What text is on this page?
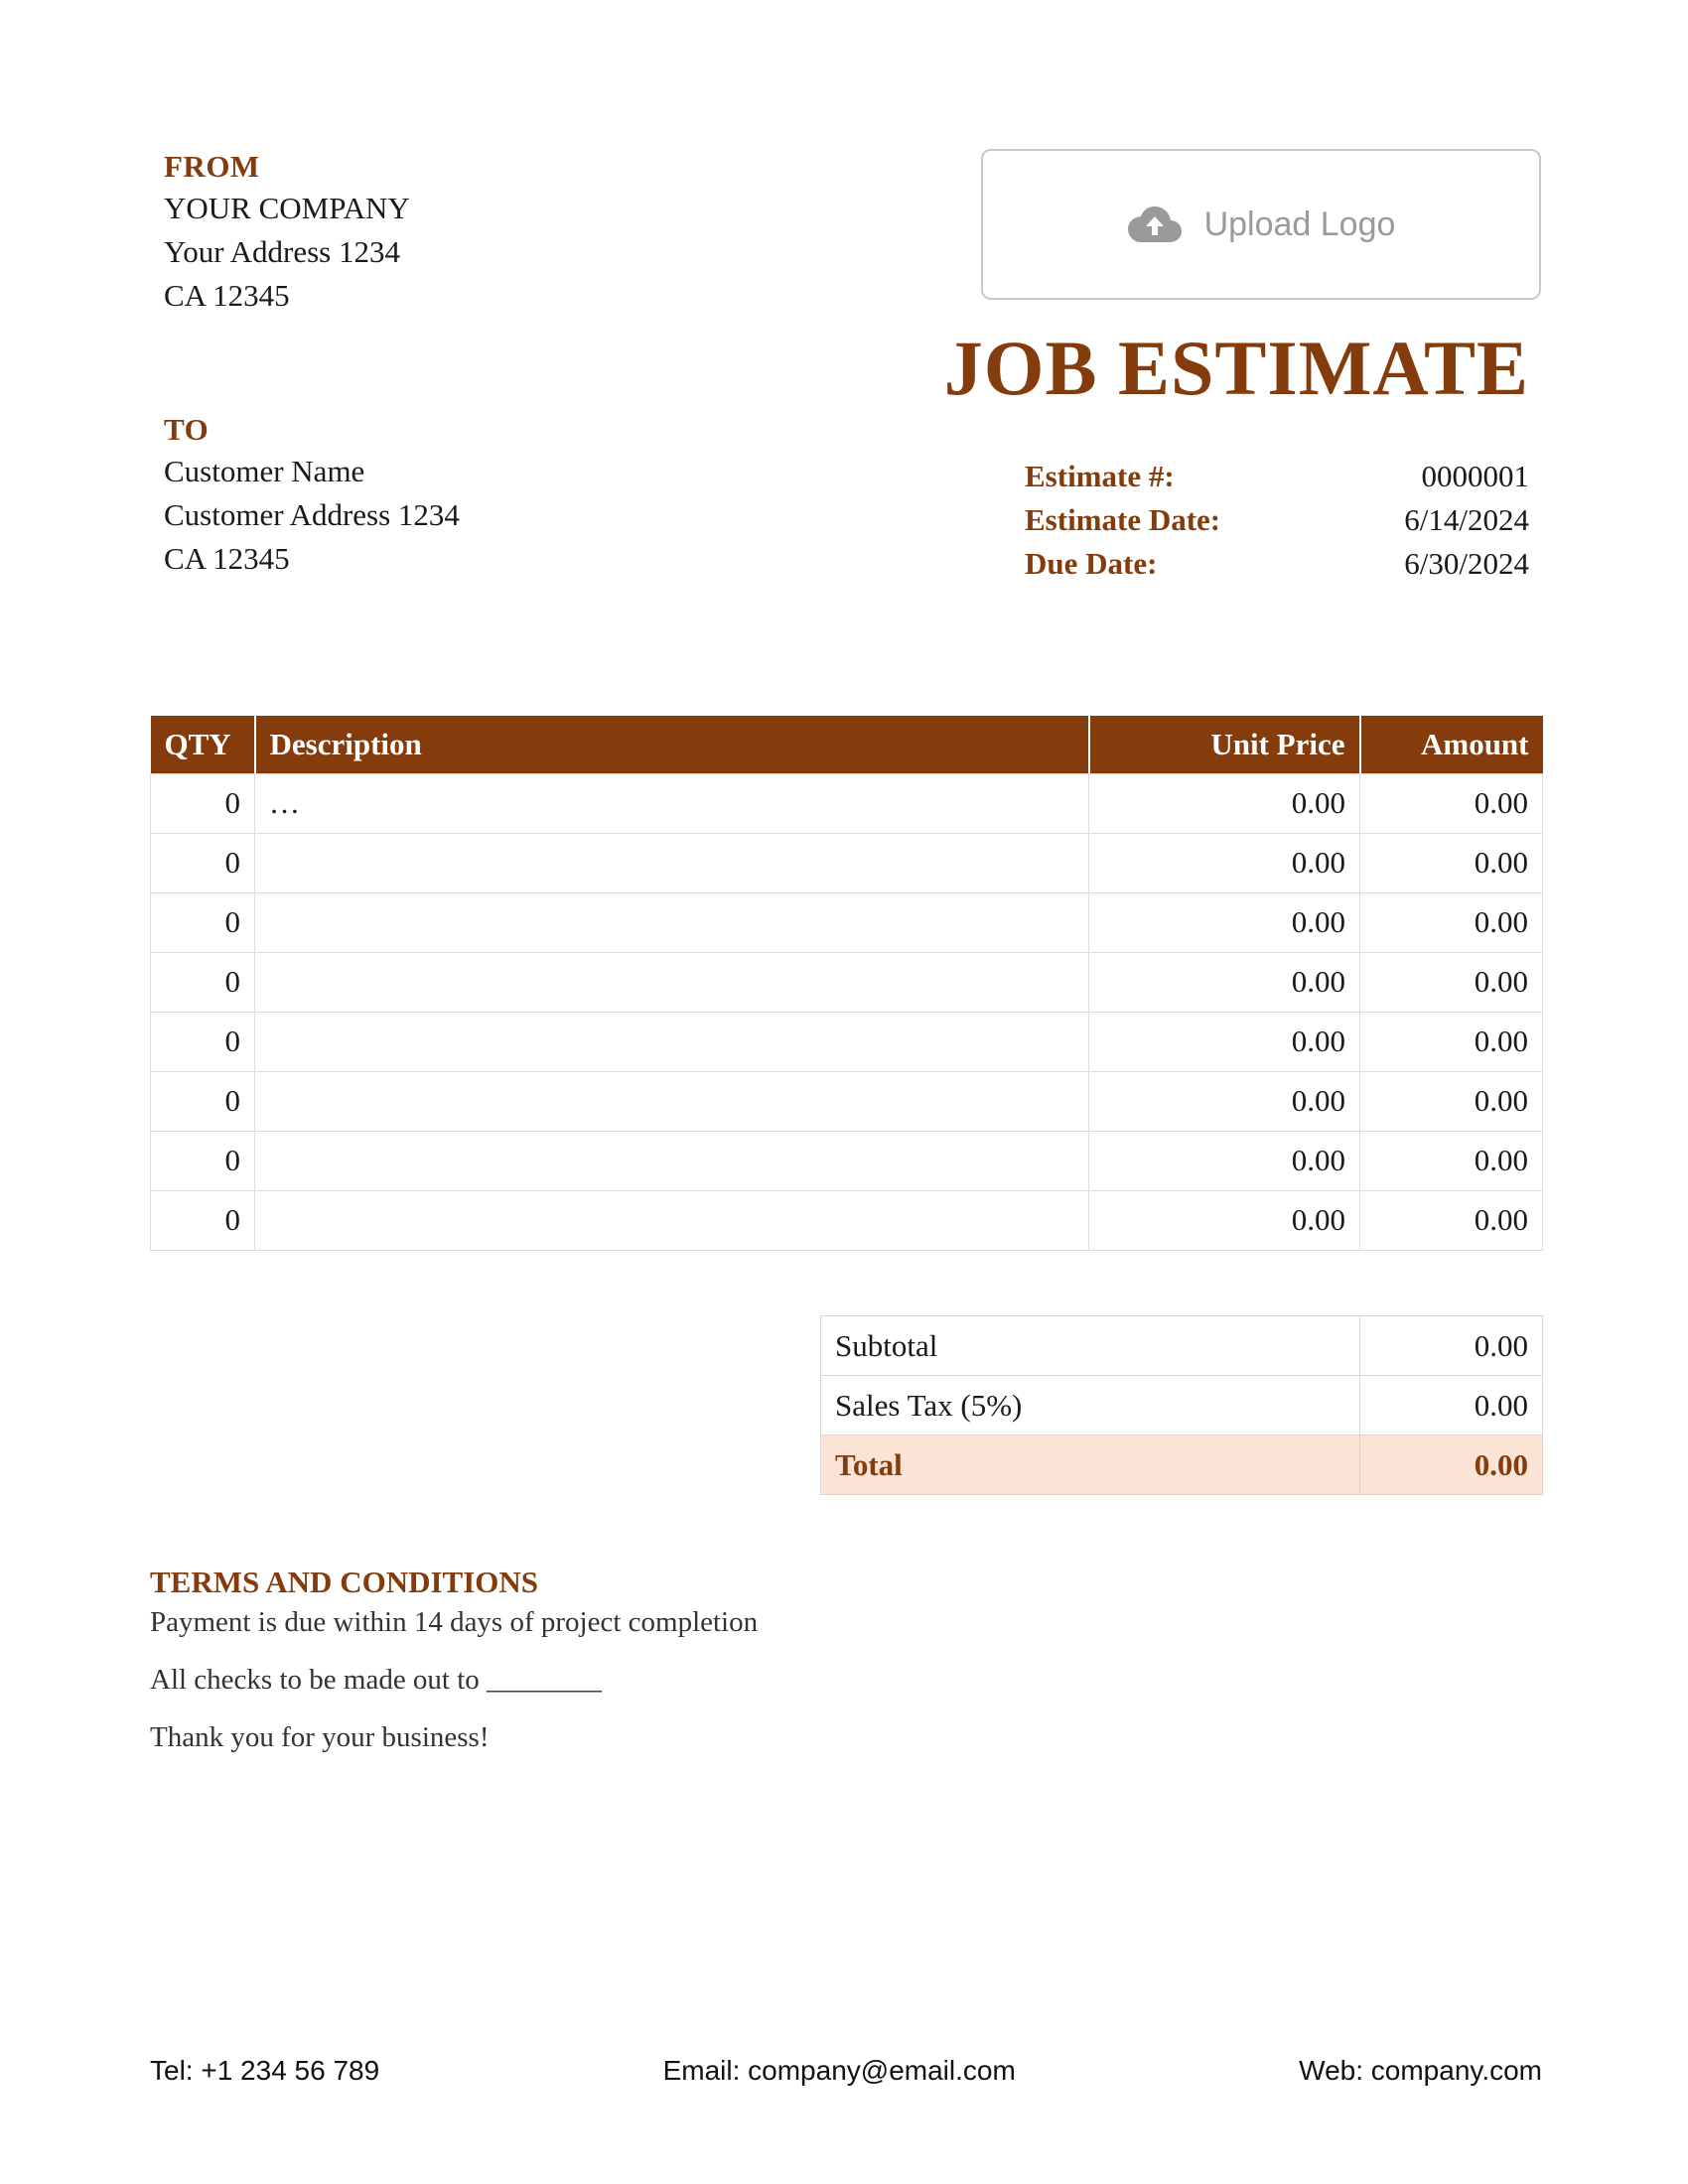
FROM
YOUR COMPANY
Your Address 1234
CA 12345
Upload Logo
JOB ESTIMATE
TO
Customer Name
Customer Address 1234
CA 12345
Estimate #:	0000001
Estimate Date:	6/14/2024
Due Date:	6/30/2024
QTY	Description	Unit Price	Amount
0	…	0.00	0.00
0		0.00	0.00
0		0.00	0.00
0		0.00	0.00
0		0.00	0.00
0		0.00	0.00
0		0.00	0.00
0		0.00	0.00
Subtotal	0.00
Sales Tax (5%)	0.00
Total	0.00
TERMS AND CONDITIONS
Payment is due within 14 days of project completion
All checks to be made out to ________
Thank you for your business!
Tel: +1 234 56 789	Email: company@email.com	Web: company.com
